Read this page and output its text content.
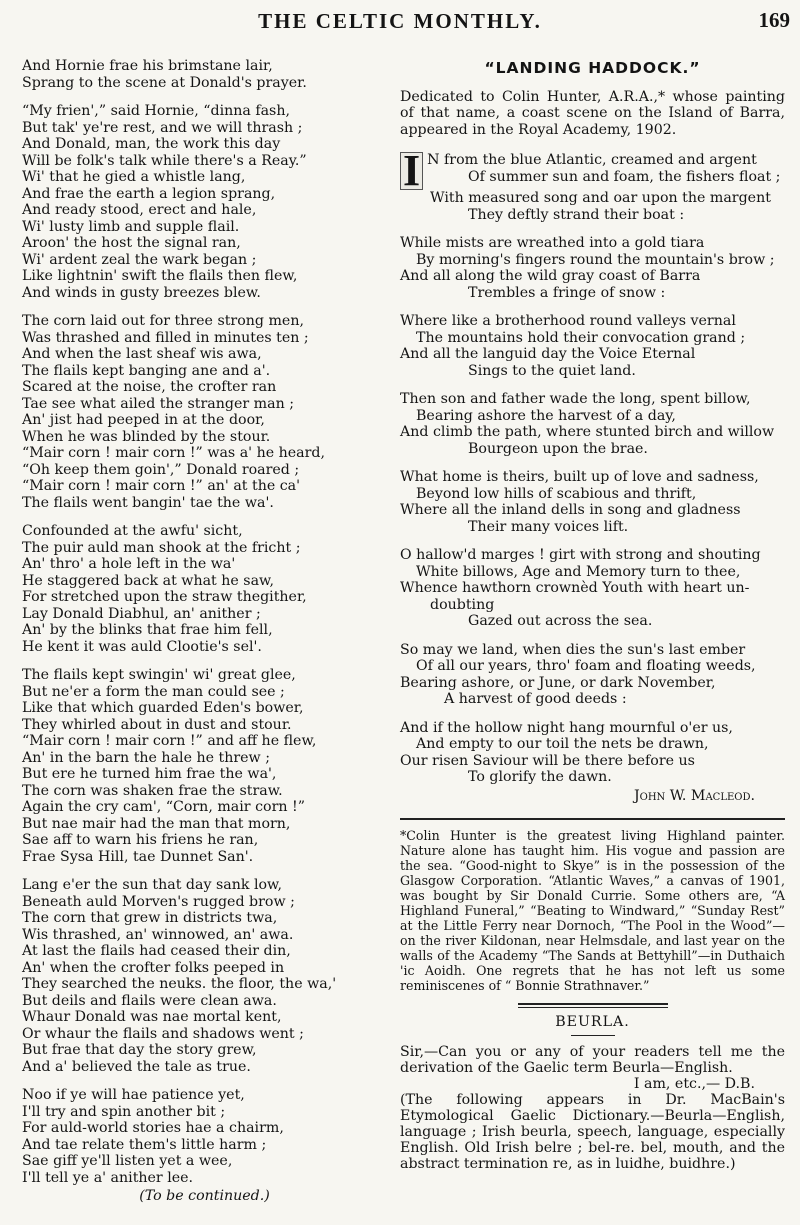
THE CELTIC MONTHLY.	169
And Hornie frae his brimstane lair,
Sprang to the scene at Donald's prayer.
“My frien',” said Hornie, “dinna fash,
But tak' ye're rest, and we will thrash ;
And Donald, man, the work this day
Will be folk's talk while there's a Reay.”
Wi' that he gied a whistle lang,
And frae the earth a legion sprang,
And ready stood, erect and hale,
Wi' lusty limb and supple flail.
Aroon' the host the signal ran,
Wi' ardent zeal the wark began ;
Like lightnin' swift the flails then flew,
And winds in gusty breezes blew.
The corn laid out for three strong men,
Was thrashed and filled in minutes ten ;
And when the last sheaf wis awa,
The flails kept banging ane and a'.
Scared at the noise, the crofter ran
Tae see what ailed the stranger man ;
An' jist had peeped in at the door,
When he was blinded by the stour.
“Mair corn ! mair corn !” was a' he heard,
“Oh keep them goin',” Donald roared ;
“Mair corn ! mair corn !” an' at the ca'
The flails went bangin' tae the wa'.
Confounded at the awfu' sicht,
The puir auld man shook at the fricht ;
An' thro' a hole left in the wa'
He staggered back at what he saw,
For stretched upon the straw thegither,
Lay Donald Diabhul, an' anither ;
An' by the blinks that frae him fell,
He kent it was auld Clootie's sel'.
The flails kept swingin' wi' great glee,
But ne'er a form the man could see ;
Like that which guarded Eden's bower,
They whirled about in dust and stour.
“Mair corn ! mair corn !” and aff he flew,
An' in the barn the hale he threw ;
But ere he turned him frae the wa',
The corn was shaken frae the straw.
Again the cry cam', “Corn, mair corn !”
But nae mair had the man that morn,
Sae aff to warn his friens he ran,
Frae Sysa Hill, tae Dunnet San'.
Lang e'er the sun that day sank low,
Beneath auld Morven's rugged brow ;
The corn that grew in districts twa,
Wis thrashed, an' winnowed, an' awa.
At last the flails had ceased their din,
An' when the crofter folks peeped in
They searched the neuks. the floor, the wa,'
But deils and flails were clean awa.
Whaur Donald was nae mortal kent,
Or whaur the flails and shadows went ;
But frae that day the story grew,
And a' believed the tale as true.
Noo if ye will hae patience yet,
I'll try and spin another bit ;
For auld-world stories hae a chairm,
And tae relate them's little harm ;
Sae giff ye'll listen yet a wee,
I'll tell ye a' anither lee.
(To be continued.)
“LANDING HADDOCK.”
Dedicated to Colin Hunter, A.R.A.,* whose painting of that name, a coast scene on the Island of Barra, appeared in the Royal Academy, 1902.
I N from the blue Atlantic, creamed and argent
Of summer sun and foam, the fishers float ;
With measured song and oar upon the margent
They deftly strand their boat :
While mists are wreathed into a gold tiara
By morning's fingers round the mountain's brow ;
And all along the wild gray coast of Barra
Trembles a fringe of snow :
Where like a brotherhood round valleys vernal
The mountains hold their convocation grand ;
And all the languid day the Voice Eternal
Sings to the quiet land.
Then son and father wade the long, spent billow,
Bearing ashore the harvest of a day,
And climb the path, where stunted birch and willow
Bourgeon upon the brae.
What home is theirs, built up of love and sadness,
Beyond low hills of scabious and thrift,
Where all the inland dells in song and gladness
Their many voices lift.
O hallow'd marges ! girt with strong and shouting
White billows, Age and Memory turn to thee,
Whence hawthorn crownèd Youth with heart un-
doubting
Gazed out across the sea.
So may we land, when dies the sun's last ember
Of all our years, thro' foam and floating weeds,
Bearing ashore, or June, or dark November,
A harvest of good deeds :
And if the hollow night hang mournful o'er us,
And empty to our toil the nets be drawn,
Our risen Saviour will be there before us
To glorify the dawn.
John W. Macleod.
*Colin Hunter is the greatest living Highland painter. Nature alone has taught him. His vogue and passion are the sea. “Good-night to Skye” is in the possession of the Glasgow Corporation. “Atlantic Waves,” a canvas of 1901, was bought by Sir Donald Currie. Some others are, “A Highland Funeral,” “Beating to Windward,” “Sunday Rest” at the Little Ferry near Dornoch, “The Pool in the Wood”—on the river Kildonan, near Helmsdale, and last year on the walls of the Academy “The Sands at Bettyhill”—in Duthaich 'ic Aoidh. One regrets that he has not left us some reminiscenes of “ Bonnie Strathnaver.”
BEURLA.
Sir,—Can you or any of your readers tell me the derivation of the Gaelic term Beurla—English.
I am, etc.,— D.B.
(The following appears in Dr. MacBain's Etymological Gaelic Dictionary.—Beurla—English, language ; Irish beurla, speech, language, especially English. Old Irish belre ; bel-re. bel, mouth, and the abstract termination re, as in luidhe, buidhre.)
